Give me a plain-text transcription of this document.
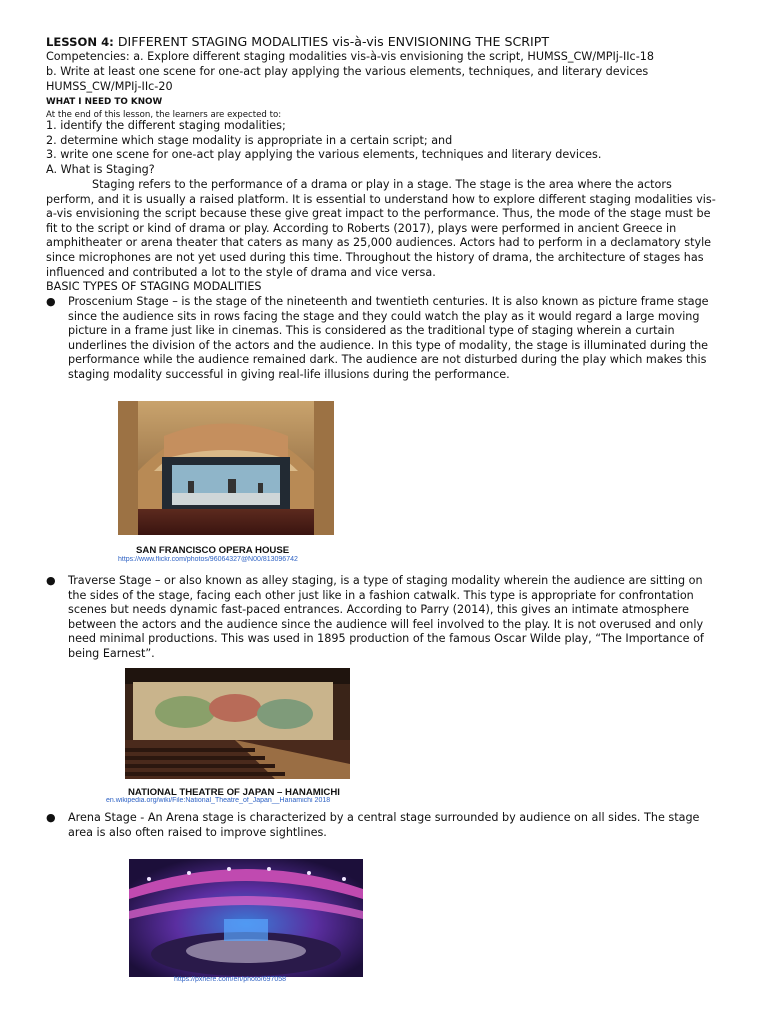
LESSON 4: DIFFERENT STAGING MODALITIES vis-à-vis ENVISIONING THE SCRIPT
Competencies: a. Explore different staging modalities vis-à-vis envisioning the script, HUMSS_CW/MPIj-IIc-18
b. Write at least one scene for one-act play applying the various elements, techniques, and literary devices
HUMSS_CW/MPIj-IIc-20
WHAT I NEED TO KNOW
At the end of this lesson, the learners are expected to:
1. identify the different staging modalities;
2. determine which stage modality is appropriate in a certain script; and
3. write one scene for one-act play applying the various elements, techniques and literary devices.
A. What is Staging?
Staging refers to the performance of a drama or play in a stage. The stage is the area where the actors perform, and it is usually a raised platform. It is essential to understand how to explore different staging modalities vis-a-vis envisioning the script because these give great impact to the performance. Thus, the mode of the stage must be fit to the script or kind of drama or play. According to Roberts (2017), plays were performed in ancient Greece in amphitheater or arena theater that caters as many as 25,000 audiences. Actors had to perform in a declamatory style since microphones are not yet used during this time. Throughout the history of drama, the architecture of stages has influenced and contributed a lot to the style of drama and vice versa.
BASIC TYPES OF STAGING MODALITIES
● Proscenium Stage – is the stage of the nineteenth and twentieth centuries. It is also known as picture frame stage since the audience sits in rows facing the stage and they could watch the play as it would regard a large moving picture in a frame just like in cinemas. This is considered as the traditional type of staging wherein a curtain underlines the division of the actors and the audience. In this type of modality, the stage is illuminated during the performance while the audience remained dark. The audience are not disturbed during the play which makes this staging modality successful in giving real-life illusions during the performance.
SAN FRANCISCO OPERA HOUSE
https://www.flickr.com/photos/96064327@N00/813096742
● Traverse Stage – or also known as alley staging, is a type of staging modality wherein the audience are sitting on the sides of the stage, facing each other just like in a fashion catwalk. This type is appropriate for confrontation scenes but needs dynamic fast-paced entrances. According to Parry (2014), this gives an intimate atmosphere between the actors and the audience since the audience will feel involved to the play. It is not overused and only need minimal productions. This was used in 1895 production of the famous Oscar Wilde play, “The Importance of being Earnest”.
NATIONAL THEATRE OF JAPAN – HANAMICHI
en.wikipedia.org/wiki/File:National_Theatre_of_Japan__Hanamichi 2018
● Arena Stage - An Arena stage is characterized by a central stage surrounded by audience on all sides. The stage area is also often raised to improve sightlines.
https://pxhere.com/en/photo/697058
